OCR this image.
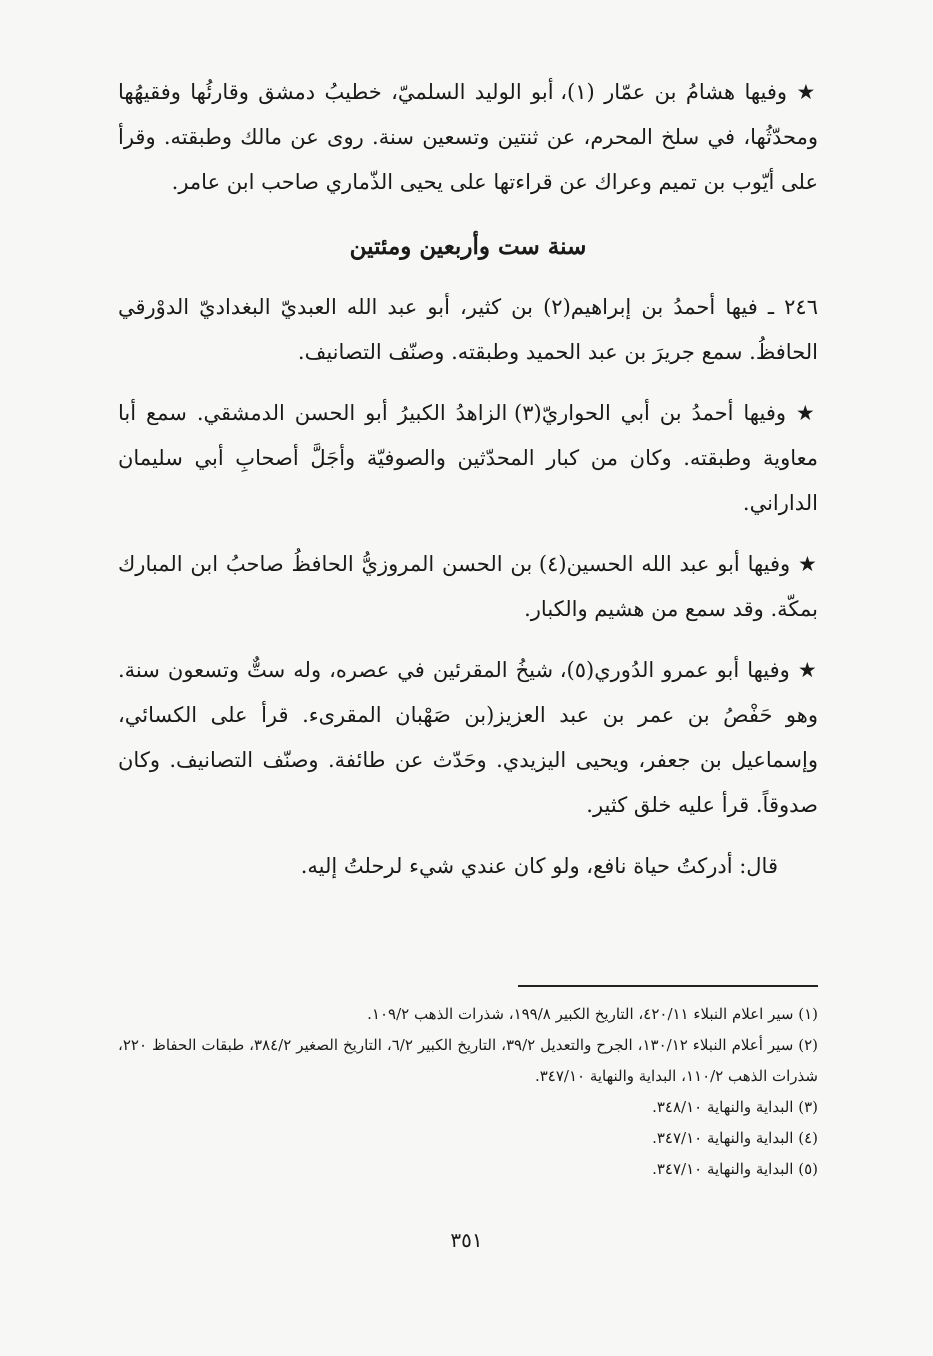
★ وفيها هشامُ بن عمّار (١)، أبو الوليد السلميّ، خطيبُ دمشق وقارئُها وفقيهُها ومحدّثُها، في سلخ المحرم، عن ثنتين وتسعين سنة. روى عن مالك وطبقته. وقرأ على أيّوب بن تميم وعراك عن قراءتها على يحيى الذّماري صاحب ابن عامر.

سنة ست وأربعين ومئتين

٢٤٦ ـ فيها أحمدُ بن إبراهيم(٢) بن كثير، أبو عبد الله العبديّ البغداديّ الدوْرقي الحافظُ. سمع جريرَ بن عبد الحميد وطبقته. وصنّف التصانيف.

★ وفيها أحمدُ بن أبي الحواريّ(٣) الزاهدُ الكبيرُ أبو الحسن الدمشقي. سمع أبا معاوية وطبقته. وكان من كبار المحدّثين والصوفيّة وأجَلَّ أصحابِ أبي سليمان الداراني.

★ وفيها أبو عبد الله الحسين(٤) بن الحسن المروزيُّ الحافظُ صاحبُ ابن المبارك بمكّة. وقد سمع من هشيم والكبار.

★ وفيها أبو عمرو الدُوري(٥)، شيخُ المقرئين في عصره، وله ستٌّ وتسعون سنة. وهو حَفْصُ بن عمر بن عبد العزيز(بن صَهْبان المقرىء. قرأ على الكسائي، وإسماعيل بن جعفر، ويحيى اليزيدي. وحَدّث عن طائفة. وصنّف التصانيف. وكان صدوقاً. قرأ عليه خلق كثير.

قال: أدركتُ حياة نافع، ولو كان عندي شيء لرحلتُ إليه.

(١) سير اعلام النبلاء ٤٢٠/١١، التاريخ الكبير ١٩٩/٨، شذرات الذهب ١٠٩/٢.

(٢) سير أعلام النبلاء ١٣٠/١٢، الجرح والتعديل ٣٩/٢، التاريخ الكبير ٦/٢، التاريخ الصغير ٣٨٤/٢، طبقات الحفاظ ٢٢٠، شذرات الذهب ١١٠/٢، البداية والنهاية ٣٤٧/١٠.

(٣) البداية والنهاية ٣٤٨/١٠.

(٤) البداية والنهاية ٣٤٧/١٠.

(٥) البداية والنهاية ٣٤٧/١٠.

٣٥١
